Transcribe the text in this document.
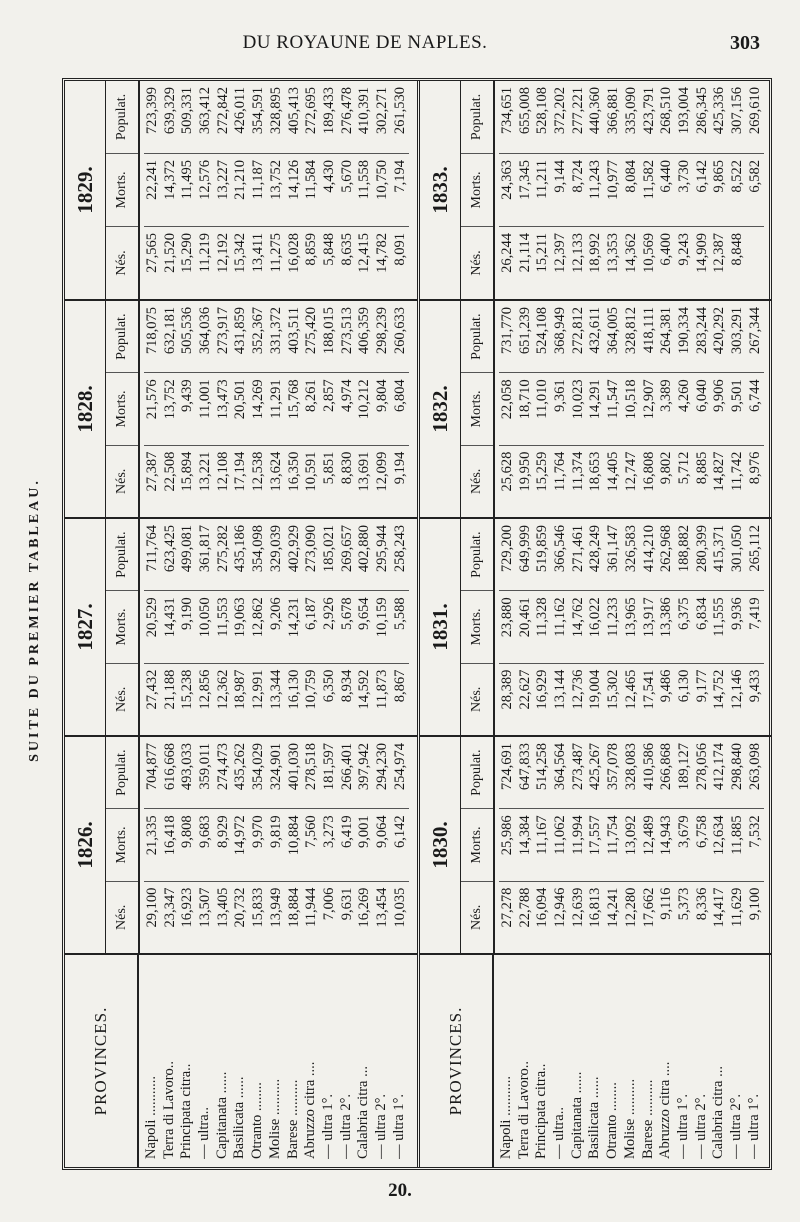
DU ROYAUNE DE NAPLES.	303
SUITE DU PREMIER TABLEAU.
PROVINCES.
Napoli ........... Terra di Lavoro.. Principata citra.. — ultra.. Capitanata ...... Basilicata ...... Otranto ........ Molise .......... Barese .......... Abruzzo citra .... — ultra 1°. — ultra 2°. Calabria citra ... — ultra 2°. — ultra 1°.
1826.
Nés.
Morts.
Populat.
29,100 23,347 16,923 13,507 13,405 20,732 15,833 13,949 18,884 11,944 7,006 9,631 16,269 13,454 10,035
21,335 16,418 9,808 9,683 8,929 14,972 9,970 9,819 10,884 7,560 3,273 6,419 9,001 9,064 6,142
704,877 616,668 493,033 359,011 274,473 435,262 354,029 324,901 401,030 278,518 181,597 266,401 397,942 294,230 254,974
1827.
Nés.
Morts.
Populat.
27,432 21,188 15,238 12,856 12,362 18,987 12,991 13,344 16,130 10,759 6,350 8,934 14,592 11,873 8,867
20,529 14,431 9,190 10,050 11,553 19,063 12,862 9,206 14,231 6,187 2,926 5,678 9,654 10,159 5,588
711,764 623,425 499,081 361,817 275,282 435,186 354,098 329,039 402,929 273,090 185,021 269,657 402,880 295,944 258,243
1828.
Nés.
Morts.
Populat.
27,387 22,508 15,894 13,221 12,108 17,194 12,538 13,624 16,350 10,591 5,851 8,830 13,691 12,099 9,194
21,576 13,752 9,439 11,001 13,473 20,501 14,269 11,291 15,768 8,261 2,857 4,974 10,212 9,804 6,804
718,075 632,181 505,536 364,036 273,917 431,859 352,367 331,372 403,511 275,420 188,015 273,513 406,359 298,239 260,633
1829.
Nés.
Morts.
Populat.
27,565 21,520 15,290 11,219 12,192 15,342 13,411 11,275 16,028 8,859 5,848 8,635 12,415 14,782 8,091
22,241 14,372 11,495 12,576 13,227 21,210 11,187 13,752 14,126 11,584 4,430 5,670 11,558 10,750 7,194
723,399 639,329 509,331 363,412 272,842 426,011 354,591 328,895 405,413 272,695 189,433 276,478 410,391 302,271 261,530
PROVINCES.
Napoli ........... Terra di Lavoro.. Principata citra.. — ultra.. Capitanata ...... Basilicata ...... Otranto ........ Molise .......... Barese .......... Abruzzo citra .... — ultra 1°. — ultra 2°. Calabria citra ... — ultra 2°. — ultra 1°.
1830.
Nés.
Morts.
Populat.
27,278 22,788 16,094 12,946 12,639 16,813 14,241 12,280 17,662 9,116 5,373 8,336 14,417 11,629 9,100
25,986 14,384 11,167 11,062 11,994 17,557 11,754 13,092 12,489 14,943 3,679 6,758 12,634 11,885 7,532
724,691 647,833 514,258 364,564 273,487 425,267 357,078 328,083 410,586 266,868 189,127 278,056 412,174 298,840 263,098
1831.
Nés.
Morts.
Populat.
28,389 22,627 16,929 13,144 12,736 19,004 15,302 12,465 17,541 9,486 6,130 9,177 14,752 12,146 9,433
23,880 20,461 11,328 11,162 14,762 16,022 11,233 13,965 13,917 13,386 6,375 6,834 11,555 9,936 7,419
729,200 649,999 519,859 366,546 271,461 428,249 361,147 326,583 414,210 262,968 188,882 280,399 415,371 301,050 265,112
1832.
Nés.
Morts.
Populat.
25,628 19,950 15,259 11,764 11,374 18,653 14,405 12,747 16,808 9,802 5,712 8,885 14,827 11,742 8,976
22,058 18,710 11,010 9,361 10,023 14,291 11,547 10,518 12,907 3,389 4,260 6,040 9,906 9,501 6,744
731,770 651,239 524,108 368,949 272,812 432,611 364,005 328,812 418,111 264,381 190,334 283,244 420,292 303,291 267,344
1833.
Nés.
Morts.
Populat.
26,244 21,114 15,211 12,397 12,133 18,992 13,353 14,362 10,569 6,400 9,243 14,909 12,387 8,848
24,363 17,345 11,211 9,144 8,724 11,243 10,977 8,084 11,582 6,440 3,730 6,142 9,865 8,522 6,582
734,651 655,008 528,108 372,202 277,221 440,360 366,881 335,090 423,791 268,510 193,004 286,345 425,336 307,156 269,610
20.
